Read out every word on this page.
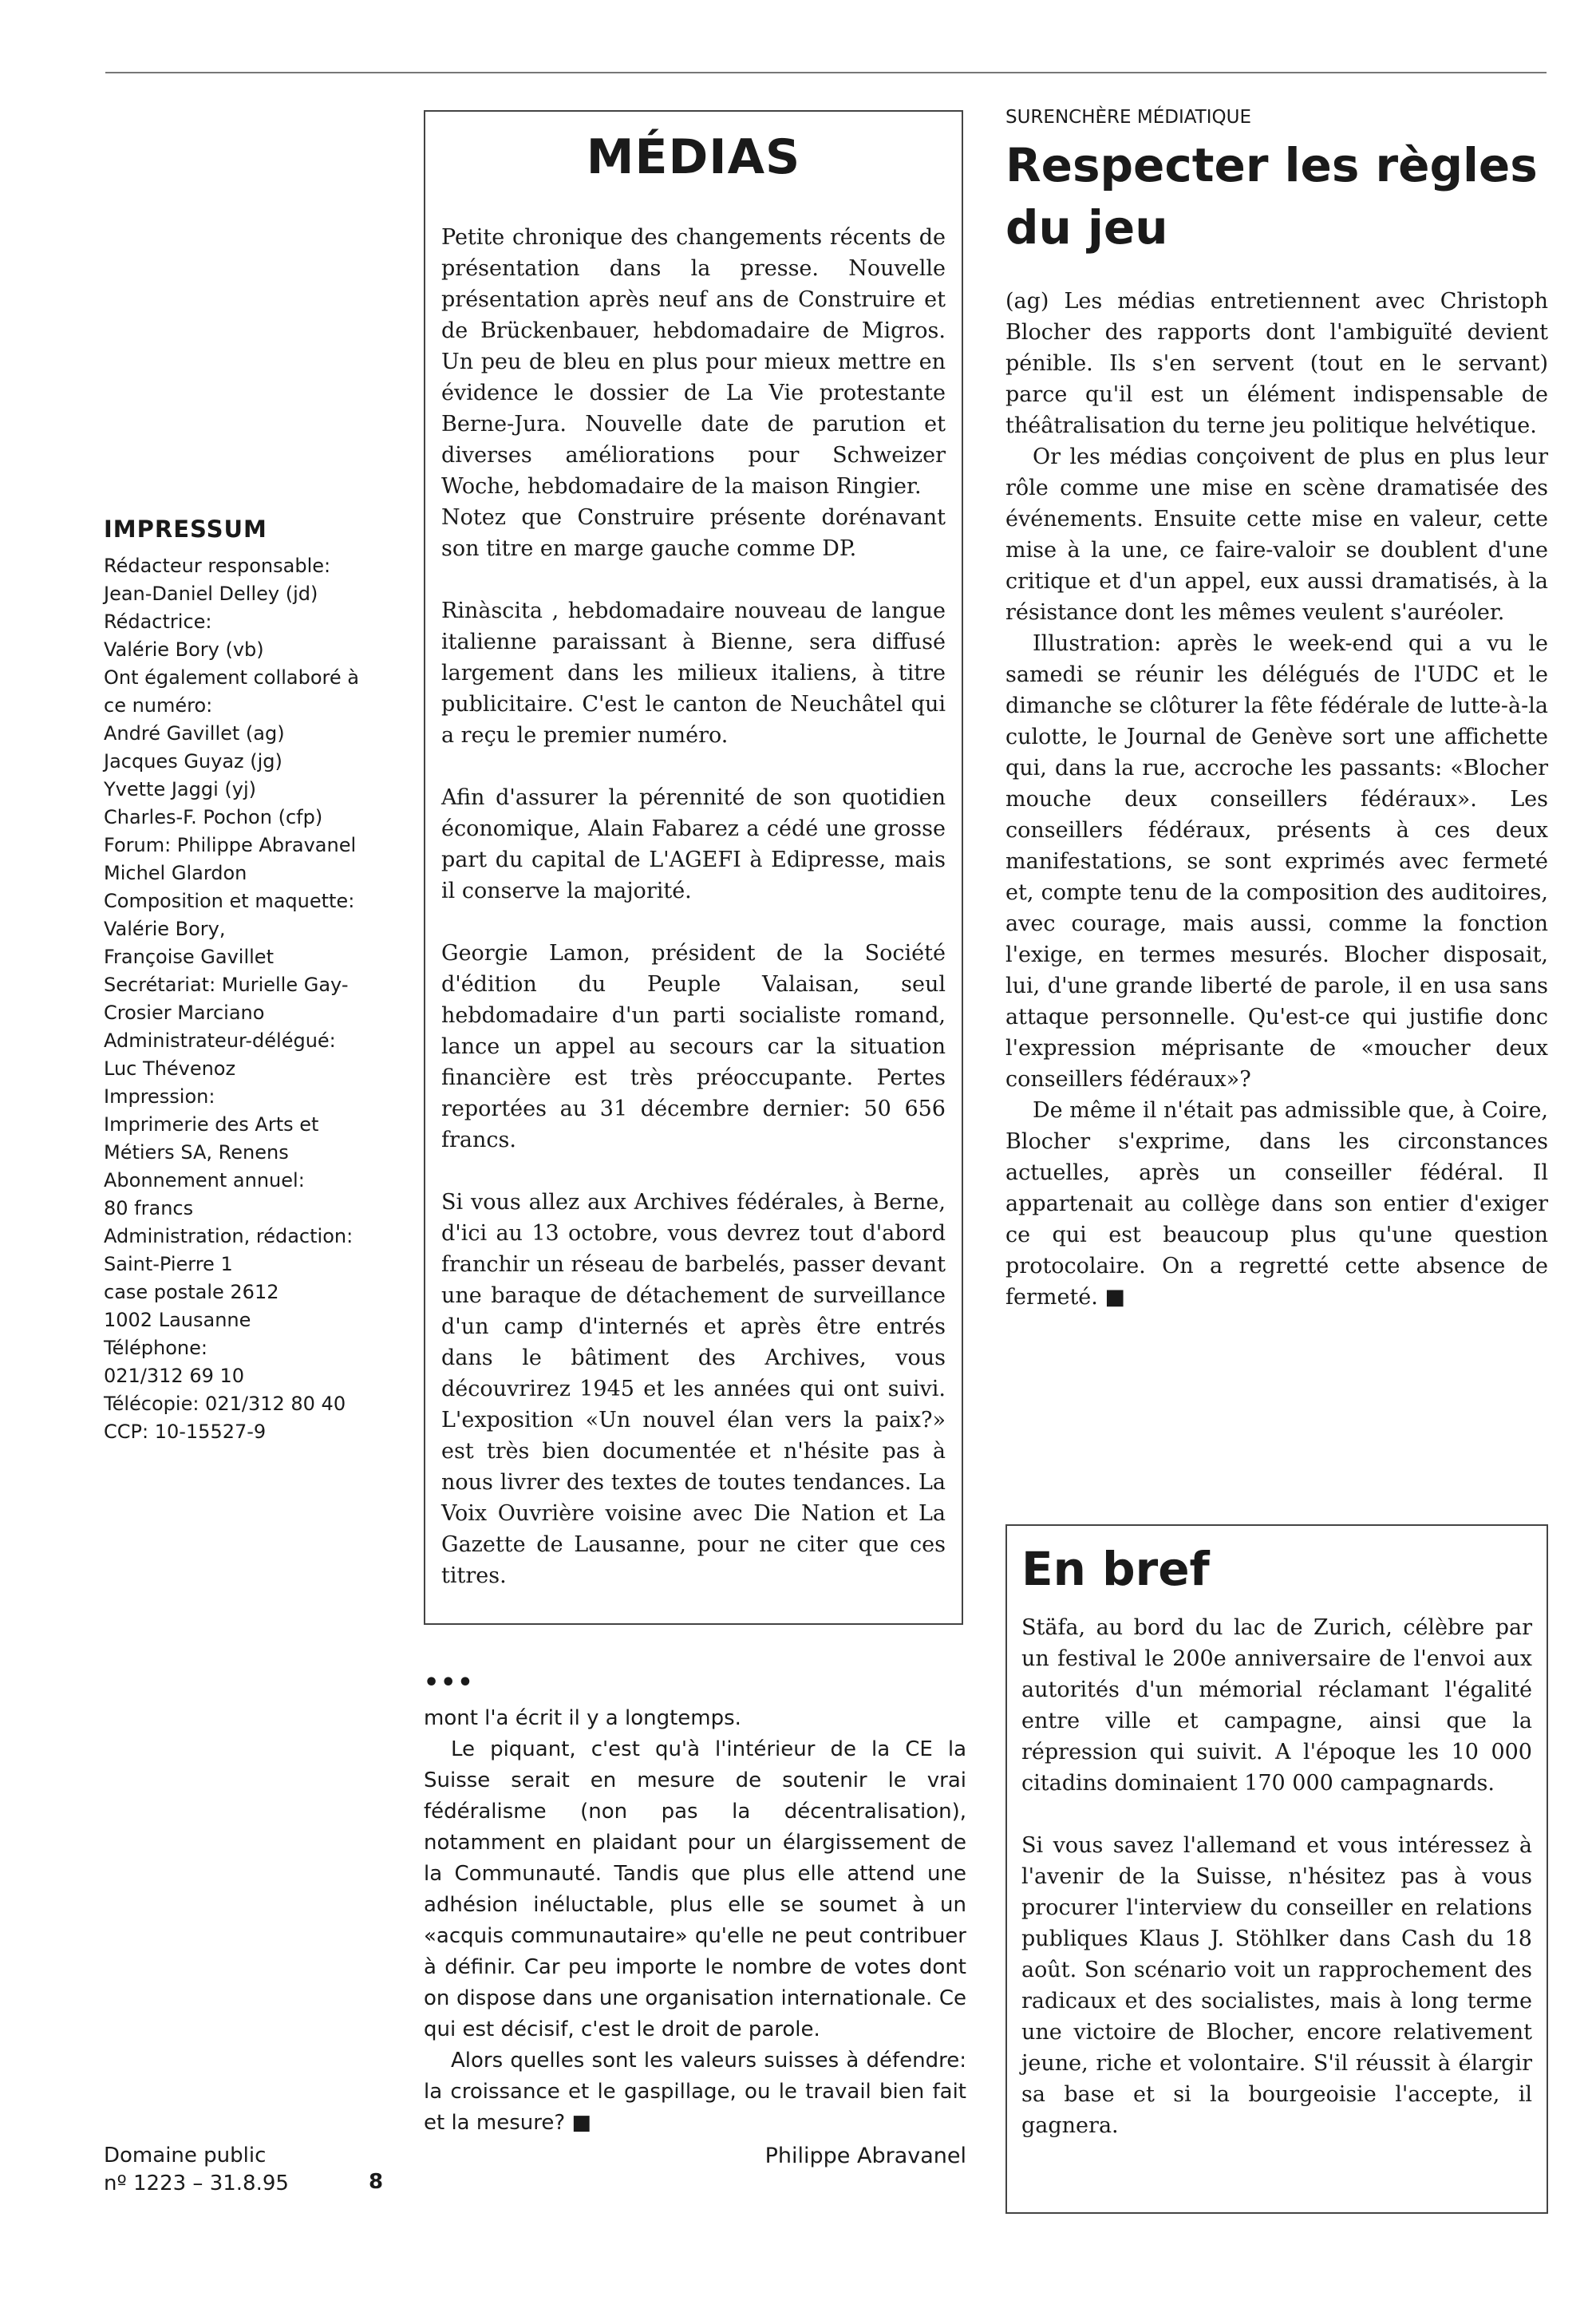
IMPRESSUM
Rédacteur responsable:
Jean-Daniel Delley (jd)
Rédactrice:
Valérie Bory (vb)
Ont également collaboré à
ce numéro:
André Gavillet (ag)
Jacques Guyaz (jg)
Yvette Jaggi (yj)
Charles-F. Pochon (cfp)
Forum: Philippe Abravanel
Michel Glardon
Composition et maquette:
Valérie Bory,
Françoise Gavillet
Secrétariat: Murielle Gay-
Crosier Marciano
Administrateur-délégué:
Luc Thévenoz
Impression:
Imprimerie des Arts et
Métiers SA, Renens
Abonnement annuel:
80 francs
Administration, rédaction:
Saint-Pierre 1
case postale 2612
1002 Lausanne
Téléphone:
021/312 69 10
Télécopie: 021/312 80 40
CCP: 10-15527-9
Domaine public
nº 1223 – 31.8.95	8
MÉDIAS

Petite chronique des changements récents de présentation dans la presse. Nouvelle présentation après neuf ans de Construire et de Brückenbauer, hebdomadaire de Migros. Un peu de bleu en plus pour mieux mettre en évidence le dossier de La Vie protestante Berne-Jura. Nouvelle date de parution et diverses améliorations pour Schweizer Woche, hebdomadaire de la maison Ringier.

Notez que Construire présente dorénavant son titre en marge gauche comme DP.

Rinàscita , hebdomadaire nouveau de langue italienne paraissant à Bienne, sera diffusé largement dans les milieux italiens, à titre publicitaire. C'est le canton de Neuchâtel qui a reçu le premier numéro.

Afin d'assurer la pérennité de son quotidien économique, Alain Fabarez a cédé une grosse part du capital de L'AGEFI à Edipresse, mais il conserve la majorité.

Georgie Lamon, président de la Société d'édition du Peuple Valaisan, seul hebdomadaire d'un parti socialiste romand, lance un appel au secours car la situation financière est très préoccupante. Pertes reportées au 31 décembre dernier: 50 656 francs.

Si vous allez aux Archives fédérales, à Berne, d'ici au 13 octobre, vous devrez tout d'abord franchir un réseau de barbelés, passer devant une baraque de détachement de surveillance d'un camp d'internés et après être entrés dans le bâtiment des Archives, vous découvrirez 1945 et les années qui ont suivi. L'exposition «Un nouvel élan vers la paix?» est très bien documentée et n'hésite pas à nous livrer des textes de toutes tendances. La Voix Ouvrière voisine avec Die Nation et La Gazette de Lausanne, pour ne citer que ces titres.

•••

mont l'a écrit il y a longtemps.

Le piquant, c'est qu'à l'intérieur de la CE la Suisse serait en mesure de soutenir le vrai fédéralisme (non pas la décentralisation), notamment en plaidant pour un élargissement de la Communauté. Tandis que plus elle attend une adhésion inéluctable, plus elle se soumet à un «acquis communautaire» qu'elle ne peut contribuer à définir. Car peu importe le nombre de votes dont on dispose dans une organisation internationale. Ce qui est décisif, c'est le droit de parole.

Alors quelles sont les valeurs suisses à défendre: la croissance et le gaspillage, ou le travail bien fait et la mesure? ■

Philippe Abravanel
SURENCHÈRE MÉDIATIQUE
Respecter les règles du jeu

(ag) Les médias entretiennent avec Christoph Blocher des rapports dont l'ambiguïté devient pénible. Ils s'en servent (tout en le servant) parce qu'il est un élément indispensable de théâtralisation du terne jeu politique helvétique.

Or les médias conçoivent de plus en plus leur rôle comme une mise en scène dramatisée des événements. Ensuite cette mise en valeur, cette mise à la une, ce faire-valoir se doublent d'une critique et d'un appel, eux aussi dramatisés, à la résistance dont les mêmes veulent s'auréoler.

Illustration: après le week-end qui a vu le samedi se réunir les délégués de l'UDC et le dimanche se clôturer la fête fédérale de lutte-à-la culotte, le Journal de Genève sort une affichette qui, dans la rue, accroche les passants: «Blocher mouche deux conseillers fédéraux». Les conseillers fédéraux, présents à ces deux manifestations, se sont exprimés avec fermeté et, compte tenu de la composition des auditoires, avec courage, mais aussi, comme la fonction l'exige, en termes mesurés. Blocher disposait, lui, d'une grande liberté de parole, il en usa sans attaque personnelle. Qu'est-ce qui justifie donc l'expression méprisante de «moucher deux conseillers fédéraux»?

De même il n'était pas admissible que, à Coire, Blocher s'exprime, dans les circonstances actuelles, après un conseiller fédéral. Il appartenait au collège dans son entier d'exiger ce qui est beaucoup plus qu'une question protocolaire. On a regretté cette absence de fermeté. ■

En bref

Stäfa, au bord du lac de Zurich, célèbre par un festival le 200e anniversaire de l'envoi aux autorités d'un mémorial réclamant l'égalité entre ville et campagne, ainsi que la répression qui suivit. A l'époque les 10 000 citadins dominaient 170 000 campagnards.

Si vous savez l'allemand et vous intéressez à l'avenir de la Suisse, n'hésitez pas à vous procurer l'interview du conseiller en relations publiques Klaus J. Stöhlker dans Cash du 18 août. Son scénario voit un rapprochement des radicaux et des socialistes, mais à long terme une victoire de Blocher, encore relativement jeune, riche et volontaire. S'il réussit à élargir sa base et si la bourgeoisie l'accepte, il gagnera.
